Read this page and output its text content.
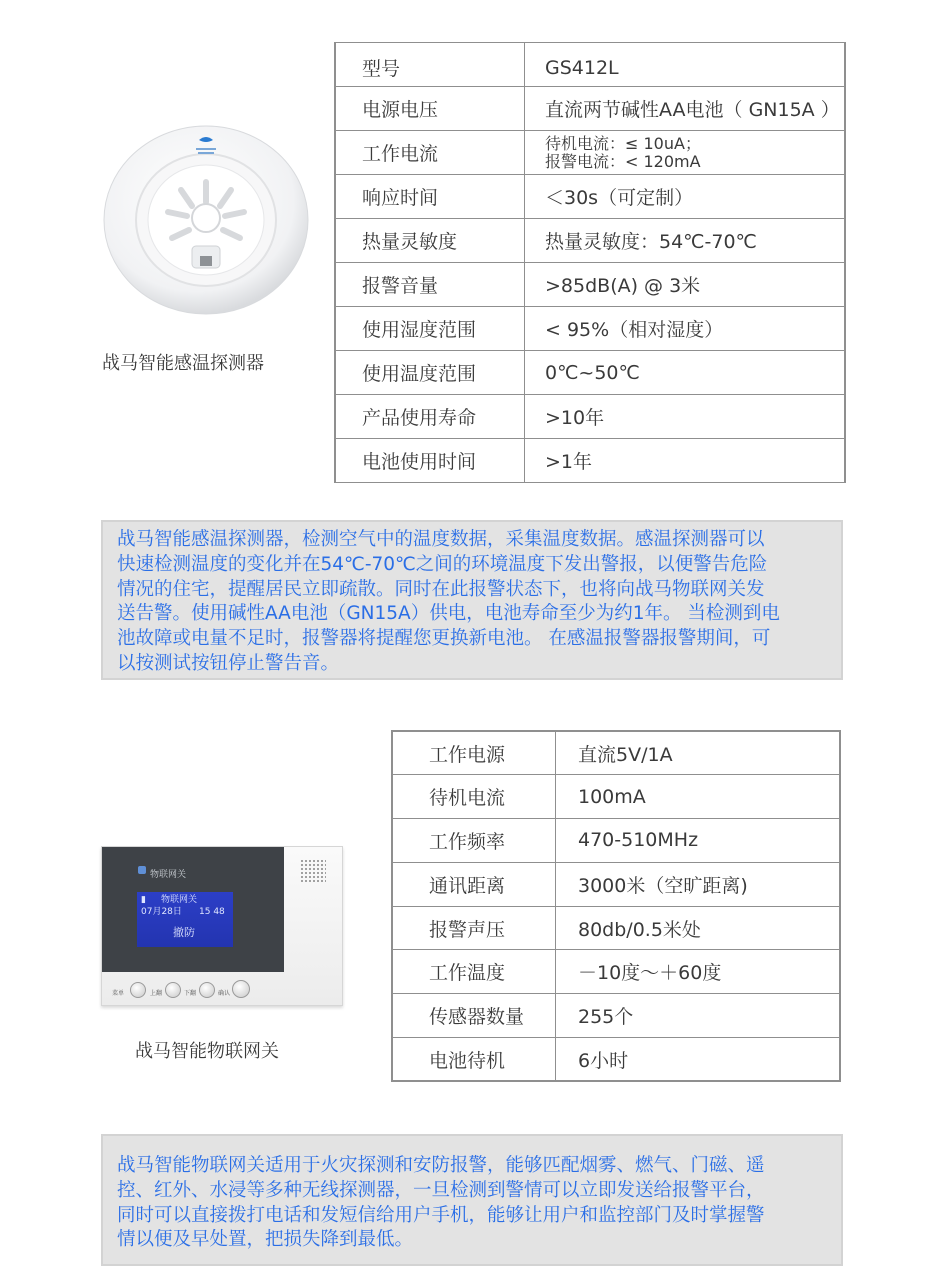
战马智能感温探测器
型号	GS412L
电源电压	直流两节碱性AA电池（ GN15A ）
工作电流	待机电流：≤ 10uA；
报警电流：< 120mA

响应时间	＜30s（可定制）
热量灵敏度	热量灵敏度：54℃-70℃
报警音量	>85dB(A) @ 3米
使用湿度范围	< 95%（相对湿度）
使用温度范围	0℃~50℃
产品使用寿命	>10年
电池使用时间	>1年
战马智能感温探测器，检测空气中的温度数据，采集温度数据。感温探测器可以
快速检测温度的变化并在54℃-70℃之间的环境温度下发出警报，以便警告危险
情况的住宅，提醒居民立即疏散。同时在此报警状态下，也将向战马物联网关发
送告警。使用碱性AA电池（GN15A）供电，电池寿命至少为约1年。 当检测到电
池故障或电量不足时，报警器将提醒您更换新电池。 在感温报警器报警期间，可
以按测试按钮停止警告音。
物联网关
▮ 物联网关
07月28日 15 48
撤防
菜单	上翻	下翻	确认
战马智能物联网关
工作电源	直流5V/1A
待机电流	100mA
工作频率	470-510MHz
通讯距离	3000米（空旷距离)
报警声压	80db/0.5米处
工作温度	－10度～＋60度
传感器数量	255个
电池待机	6小时
战马智能物联网关适用于火灾探测和安防报警，能够匹配烟雾、燃气、门磁、遥
控、红外、水浸等多种无线探测器，一旦检测到警情可以立即发送给报警平台，
同时可以直接拨打电话和发短信给用户手机，能够让用户和监控部门及时掌握警
情以便及早处置，把损失降到最低。
